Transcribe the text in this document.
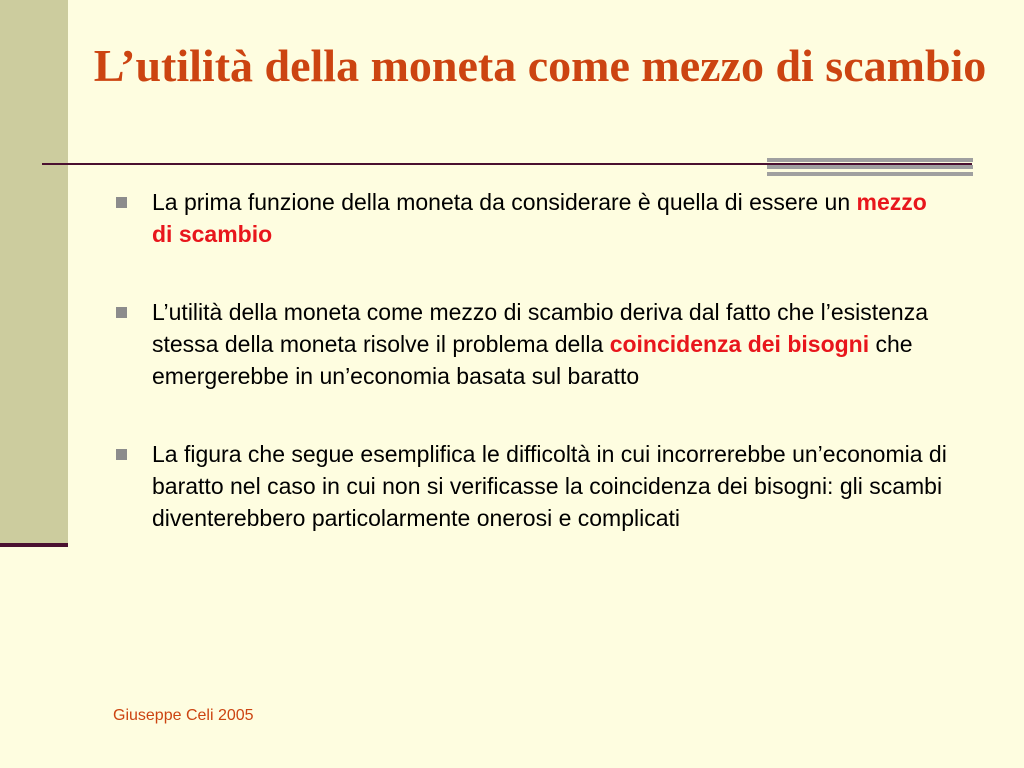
L’utilità della moneta come mezzo di scambio
La prima funzione della moneta da considerare è quella di essere un mezzo di scambio
L’utilità della moneta come mezzo di scambio deriva dal fatto che l’esistenza stessa della moneta risolve il problema della coincidenza dei bisogni che emergerebbe in un’economia basata sul baratto
La figura che segue esemplifica le difficoltà in cui incorrerebbe un’economia di baratto nel caso in cui non si verificasse la coincidenza dei bisogni: gli scambi diventerebbero particolarmente onerosi e complicati
Giuseppe Celi 2005
